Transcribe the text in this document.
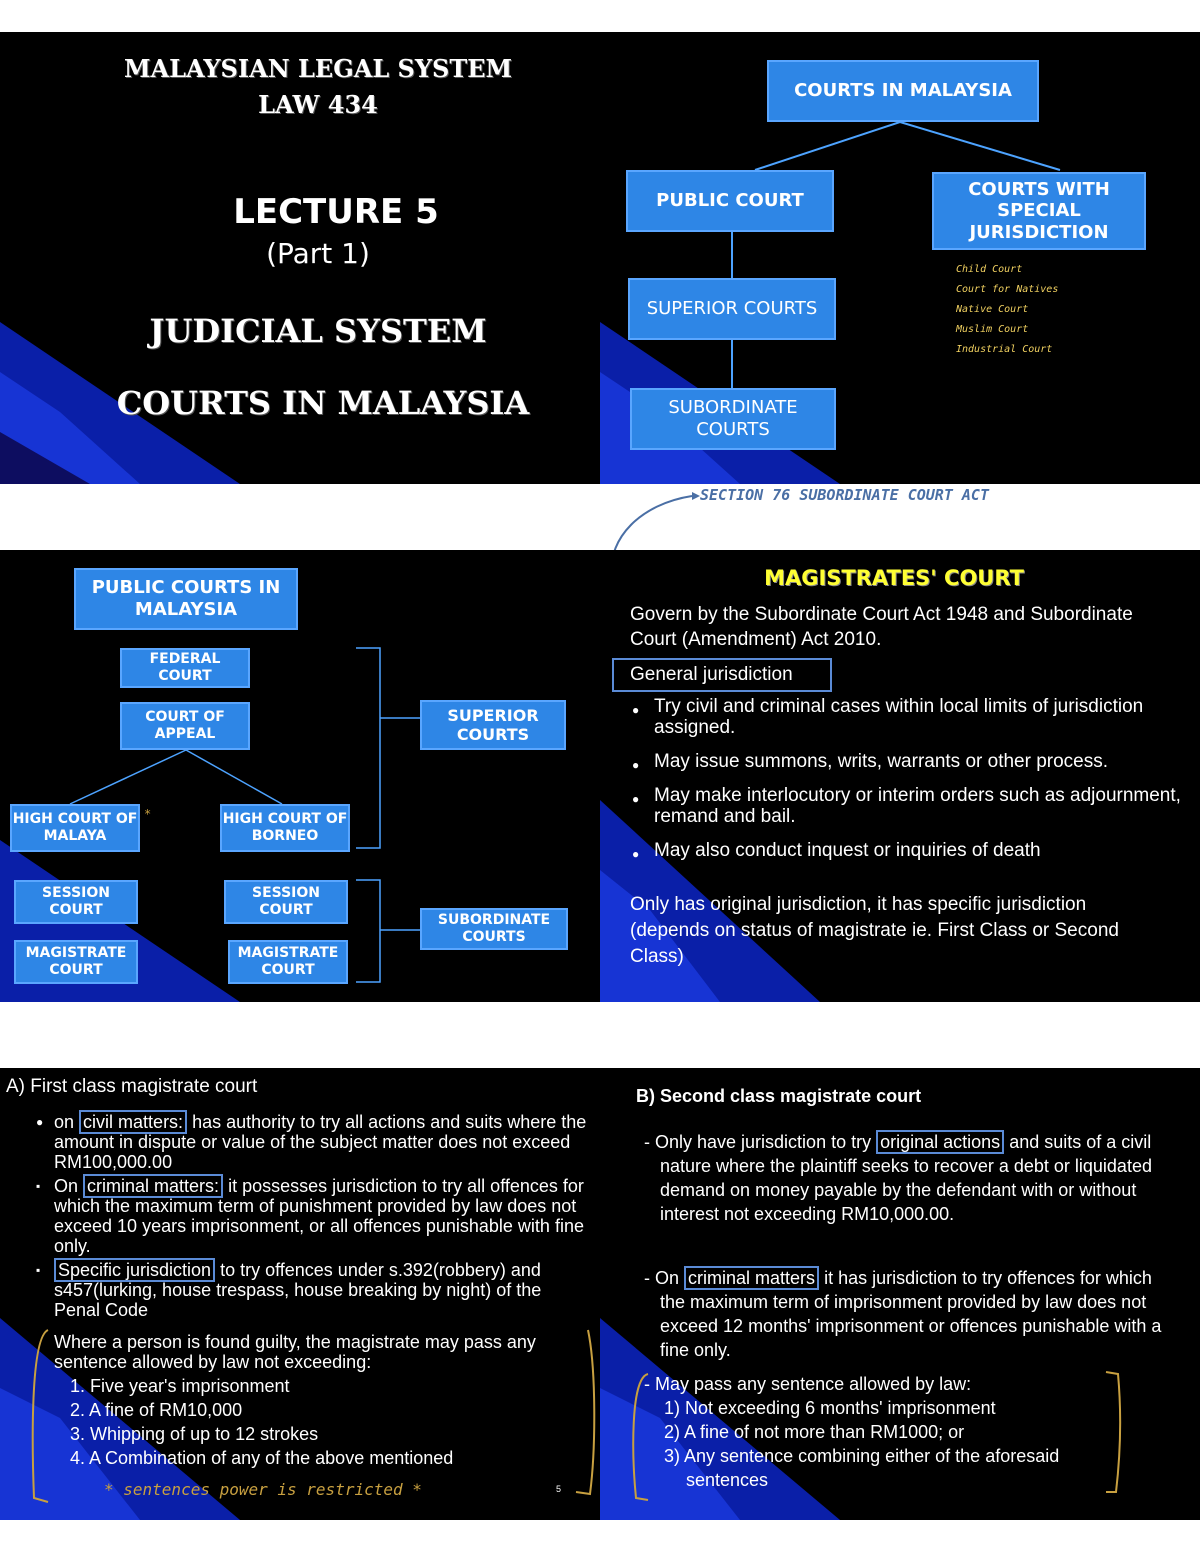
MALAYSIAN LEGAL SYSTEM
LAW 434
LECTURE 5
(Part 1)
JUDICIAL SYSTEM
COURTS IN MALAYSIA
COURTS IN MALAYSIA
PUBLIC COURT
COURTS WITH SPECIAL JURISDICTION
SUPERIOR COURTS
SUBORDINATE COURTS
Child Court
Court for Natives
Native Court
Muslim Court
Industrial Court
SECTION 76 SUBORDINATE COURT ACT
*
PUBLIC COURTS IN MALAYSIA
FEDERAL COURT
COURT OF APPEAL
HIGH COURT OF MALAYA
HIGH COURT OF BORNEO
SESSION COURT
SESSION COURT
MAGISTRATE COURT
MAGISTRATE COURT
SUPERIOR COURTS
SUBORDINATE COURTS
MAGISTRATES' COURT
Govern by the Subordinate Court Act 1948 and Subordinate Court (Amendment) Act 2010.
General jurisdiction
● Try civil and criminal cases within local limits of jurisdiction assigned.
● May issue summons, writs, warrants or other process.
● May make interlocutory or interim orders such as adjournment, remand and bail.
● May also conduct inquest or inquiries of death
Only has original jurisdiction, it has specific jurisdiction (depends on status of magistrate ie. First Class or Second Class)
A) First class magistrate court
● on civil matters: has authority to try all actions and suits where the amount in dispute or value of the subject matter does not exceed RM100,000.00
▪ On criminal matters: it possesses jurisdiction to try all offences for which the maximum term of punishment provided by law does not exceed 10 years imprisonment, or all offences punishable with fine only.
▪ Specific jurisdiction to try offences under s.392(robbery) and s457(lurking, house trespass, house breaking by night) of the Penal Code
Where a person is found guilty, the magistrate may pass any sentence allowed by law not exceeding:
1. Five year's imprisonment
2. A fine of RM10,000
3. Whipping of up to 12 strokes
4. A Combination of any of the above mentioned
* sentences power is restricted *	5
B) Second class magistrate court
- Only have jurisdiction to try original actions and suits of a civil nature where the plaintiff seeks to recover a debt or liquidated demand on money payable by the defendant with or without interest not exceeding RM10,000.00.
- On criminal matters it has jurisdiction to try offences for which the maximum term of imprisonment provided by law does not exceed 12 months' imprisonment or offences punishable with a fine only.
- May pass any sentence allowed by law:
1) Not exceeding 6 months' imprisonment
2) A fine of not more than RM1000; or
3) Any sentence combining either of the aforesaid sentences
